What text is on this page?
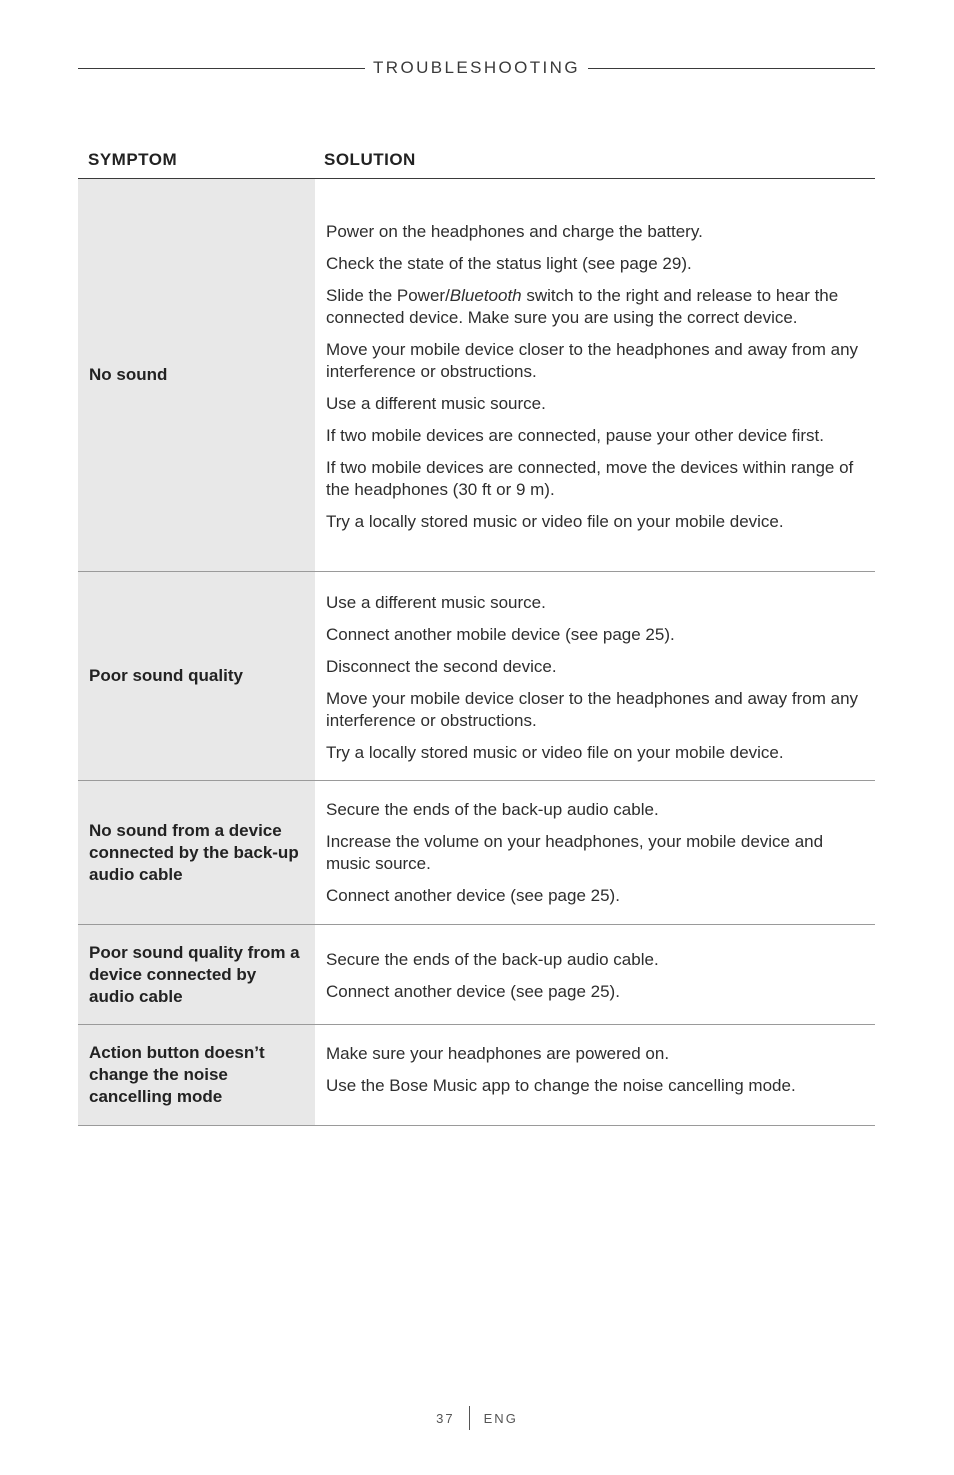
TROUBLESHOOTING
SYMPTOM	SOLUTION
No sound

Power on the headphones and charge the battery.

Check the state of the status light (see page 29).

Slide the Power/Bluetooth switch to the right and release to hear the connected device. Make sure you are using the correct device.

Move your mobile device closer to the headphones and away from any interference or obstructions.

Use a different music source.

If two mobile devices are connected, pause your other device first.

If two mobile devices are connected, move the devices within range of the headphones (30 ft or 9 m).

Try a locally stored music or video file on your mobile device.

Poor sound quality

Use a different music source.

Connect another mobile device (see page 25).

Disconnect the second device.

Move your mobile device closer to the headphones and away from any interference or obstructions.

Try a locally stored music or video file on your mobile device.

No sound from a device connected by the back-up audio cable

Secure the ends of the back-up audio cable.

Increase the volume on your headphones, your mobile device and music source.

Connect another device (see page 25).

Poor sound quality from a device connected by audio cable

Secure the ends of the back-up audio cable.

Connect another device (see page 25).

Action button doesn’t change the noise cancelling mode

Make sure your headphones are powered on.

Use the Bose Music app to change the noise cancelling mode.

37 ENG
